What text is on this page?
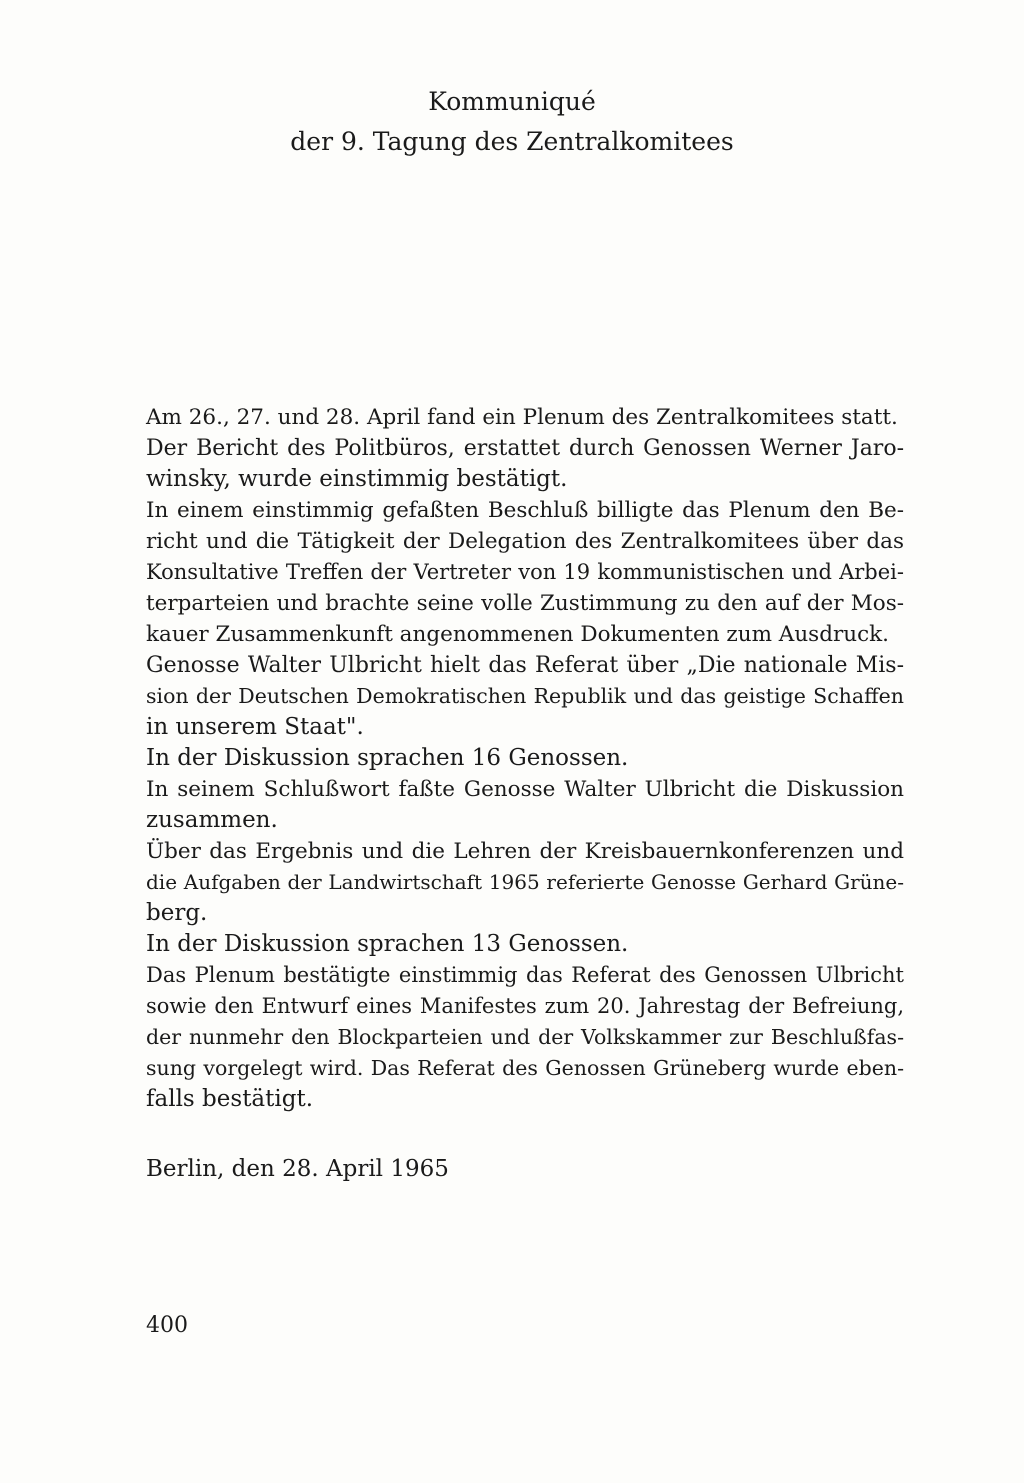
Kommuniqué
der 9. Tagung des Zentralkomitees

Am 26., 27. und 28. April fand ein Plenum des Zentralkomitees statt.

Der Bericht des Politbüros, erstattet durch Genossen Werner Jaro-
winsky, wurde einstimmig bestätigt.

In einem einstimmig gefaßten Beschluß billigte das Plenum den Be-
richt und die Tätigkeit der Delegation des Zentralkomitees über das
Konsultative Treffen der Vertreter von 19 kommunistischen und Arbei-
terparteien und brachte seine volle Zustimmung zu den auf der Mos-
kauer Zusammenkunft angenommenen Dokumenten zum Ausdruck.

Genosse Walter Ulbricht hielt das Referat über „Die nationale Mis-
sion der Deutschen Demokratischen Republik und das geistige Schaffen
in unserem Staat".

In der Diskussion sprachen 16 Genossen.

In seinem Schlußwort faßte Genosse Walter Ulbricht die Diskussion
zusammen.

Über das Ergebnis und die Lehren der Kreisbauernkonferenzen und
die Aufgaben der Landwirtschaft 1965 referierte Genosse Gerhard Grüne-
berg.

In der Diskussion sprachen 13 Genossen.

Das Plenum bestätigte einstimmig das Referat des Genossen Ulbricht
sowie den Entwurf eines Manifestes zum 20. Jahrestag der Befreiung,
der nunmehr den Blockparteien und der Volkskammer zur Beschlußfas-
sung vorgelegt wird. Das Referat des Genossen Grüneberg wurde eben-
falls bestätigt.

Berlin, den 28. April 1965
400
